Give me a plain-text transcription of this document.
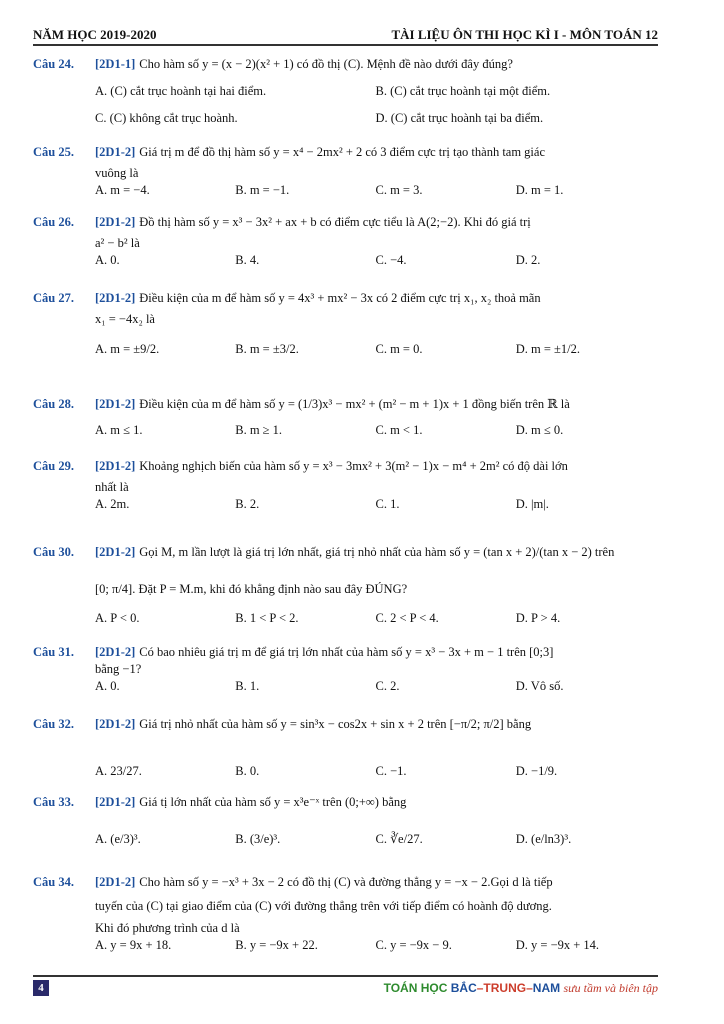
NĂM HỌC 2019-2020	TÀI LIỆU ÔN THI HỌC KÌ I - MÔN TOÁN 12
Câu 24.	[2D1-1] Cho hàm số y = (x − 2)(x² + 1) có đồ thị (C). Mệnh đề nào dưới đây đúng?
A. (C) cắt trục hoành tại hai điểm.	B. (C) cắt trục hoành tại một điểm.
C. (C) không cắt trục hoành.	D. (C) cắt trục hoành tại ba điểm.
Câu 25.	[2D1-2] Giá trị m để đồ thị hàm số y = x⁴ − 2mx² + 2 có 3 điểm cực trị tạo thành tam giác
vuông là
A. m = −4.	B. m = −1.	C. m = 3.	D. m = 1.
Câu 26.	[2D1-2] Đồ thị hàm số y = x³ − 3x² + ax + b có điểm cực tiểu là A(2;−2). Khi đó giá trị
a² − b² là
A. 0.	B. 4.	C. −4.	D. 2.
Câu 27.	[2D1-2] Điều kiện của m để hàm số y = 4x³ + mx² − 3x có 2 điểm cực trị x₁, x₂ thoả mãn
x₁ = −4x₂ là
A. m = ±9/2.	B. m = ±3/2.	C. m = 0.	D. m = ±1/2.
Câu 28.	[2D1-2] Điều kiện của m để hàm số y = (1/3)x³ − mx² + (m² − m + 1)x + 1 đồng biến trên ℝ là
A. m ≤ 1.	B. m ≥ 1.	C. m < 1.	D. m ≤ 0.
Câu 29.	[2D1-2] Khoảng nghịch biến của hàm số y = x³ − 3mx² + 3(m² − 1)x − m⁴ + 2m² có độ dài lớn
nhất là
A. 2m.	B. 2.	C. 1.	D. |m|.
Câu 30.	[2D1-2] Gọi M, m lần lượt là giá trị lớn nhất, giá trị nhỏ nhất của hàm số y = (tan x + 2)/(tan x − 2) trên
[0; π/4]. Đặt P = M.m, khi đó khẳng định nào sau đây ĐÚNG?
A. P < 0.	B. 1 < P < 2.	C. 2 < P < 4.	D. P > 4.
Câu 31.	[2D1-2] Có bao nhiêu giá trị m để giá trị lớn nhất của hàm số y = x³ − 3x + m − 1 trên [0;3]
bằng −1?
A. 0.	B. 1.	C. 2.	D. Vô số.
Câu 32.	[2D1-2] Giá trị nhỏ nhất của hàm số y = sin³x − cos2x + sin x + 2 trên [−π/2; π/2] bằng
A. 23/27.	B. 0.	C. −1.	D. −1/9.
Câu 33.	[2D1-2] Giá tị lớn nhất của hàm số y = x³e⁻ˣ trên (0;+∞) bằng
A. (e/3)³.	B. (3/e)³.	C. ∛e/27.	D. (e/ln3)³.
Câu 34.	[2D1-2] Cho hàm số y = −x³ + 3x − 2 có đồ thị (C) và đường thẳng y = −x − 2.Gọi d là tiếp
tuyến của (C) tại giao điểm của (C) với đường thẳng trên với tiếp điểm có hoành độ dương.
Khi đó phương trình của d là
A. y = 9x + 18.	B. y = −9x + 22.	C. y = −9x − 9.	D. y = −9x + 14.
4	TOÁN HỌC BẮC–TRUNG–NAM sưu tầm và biên tập
